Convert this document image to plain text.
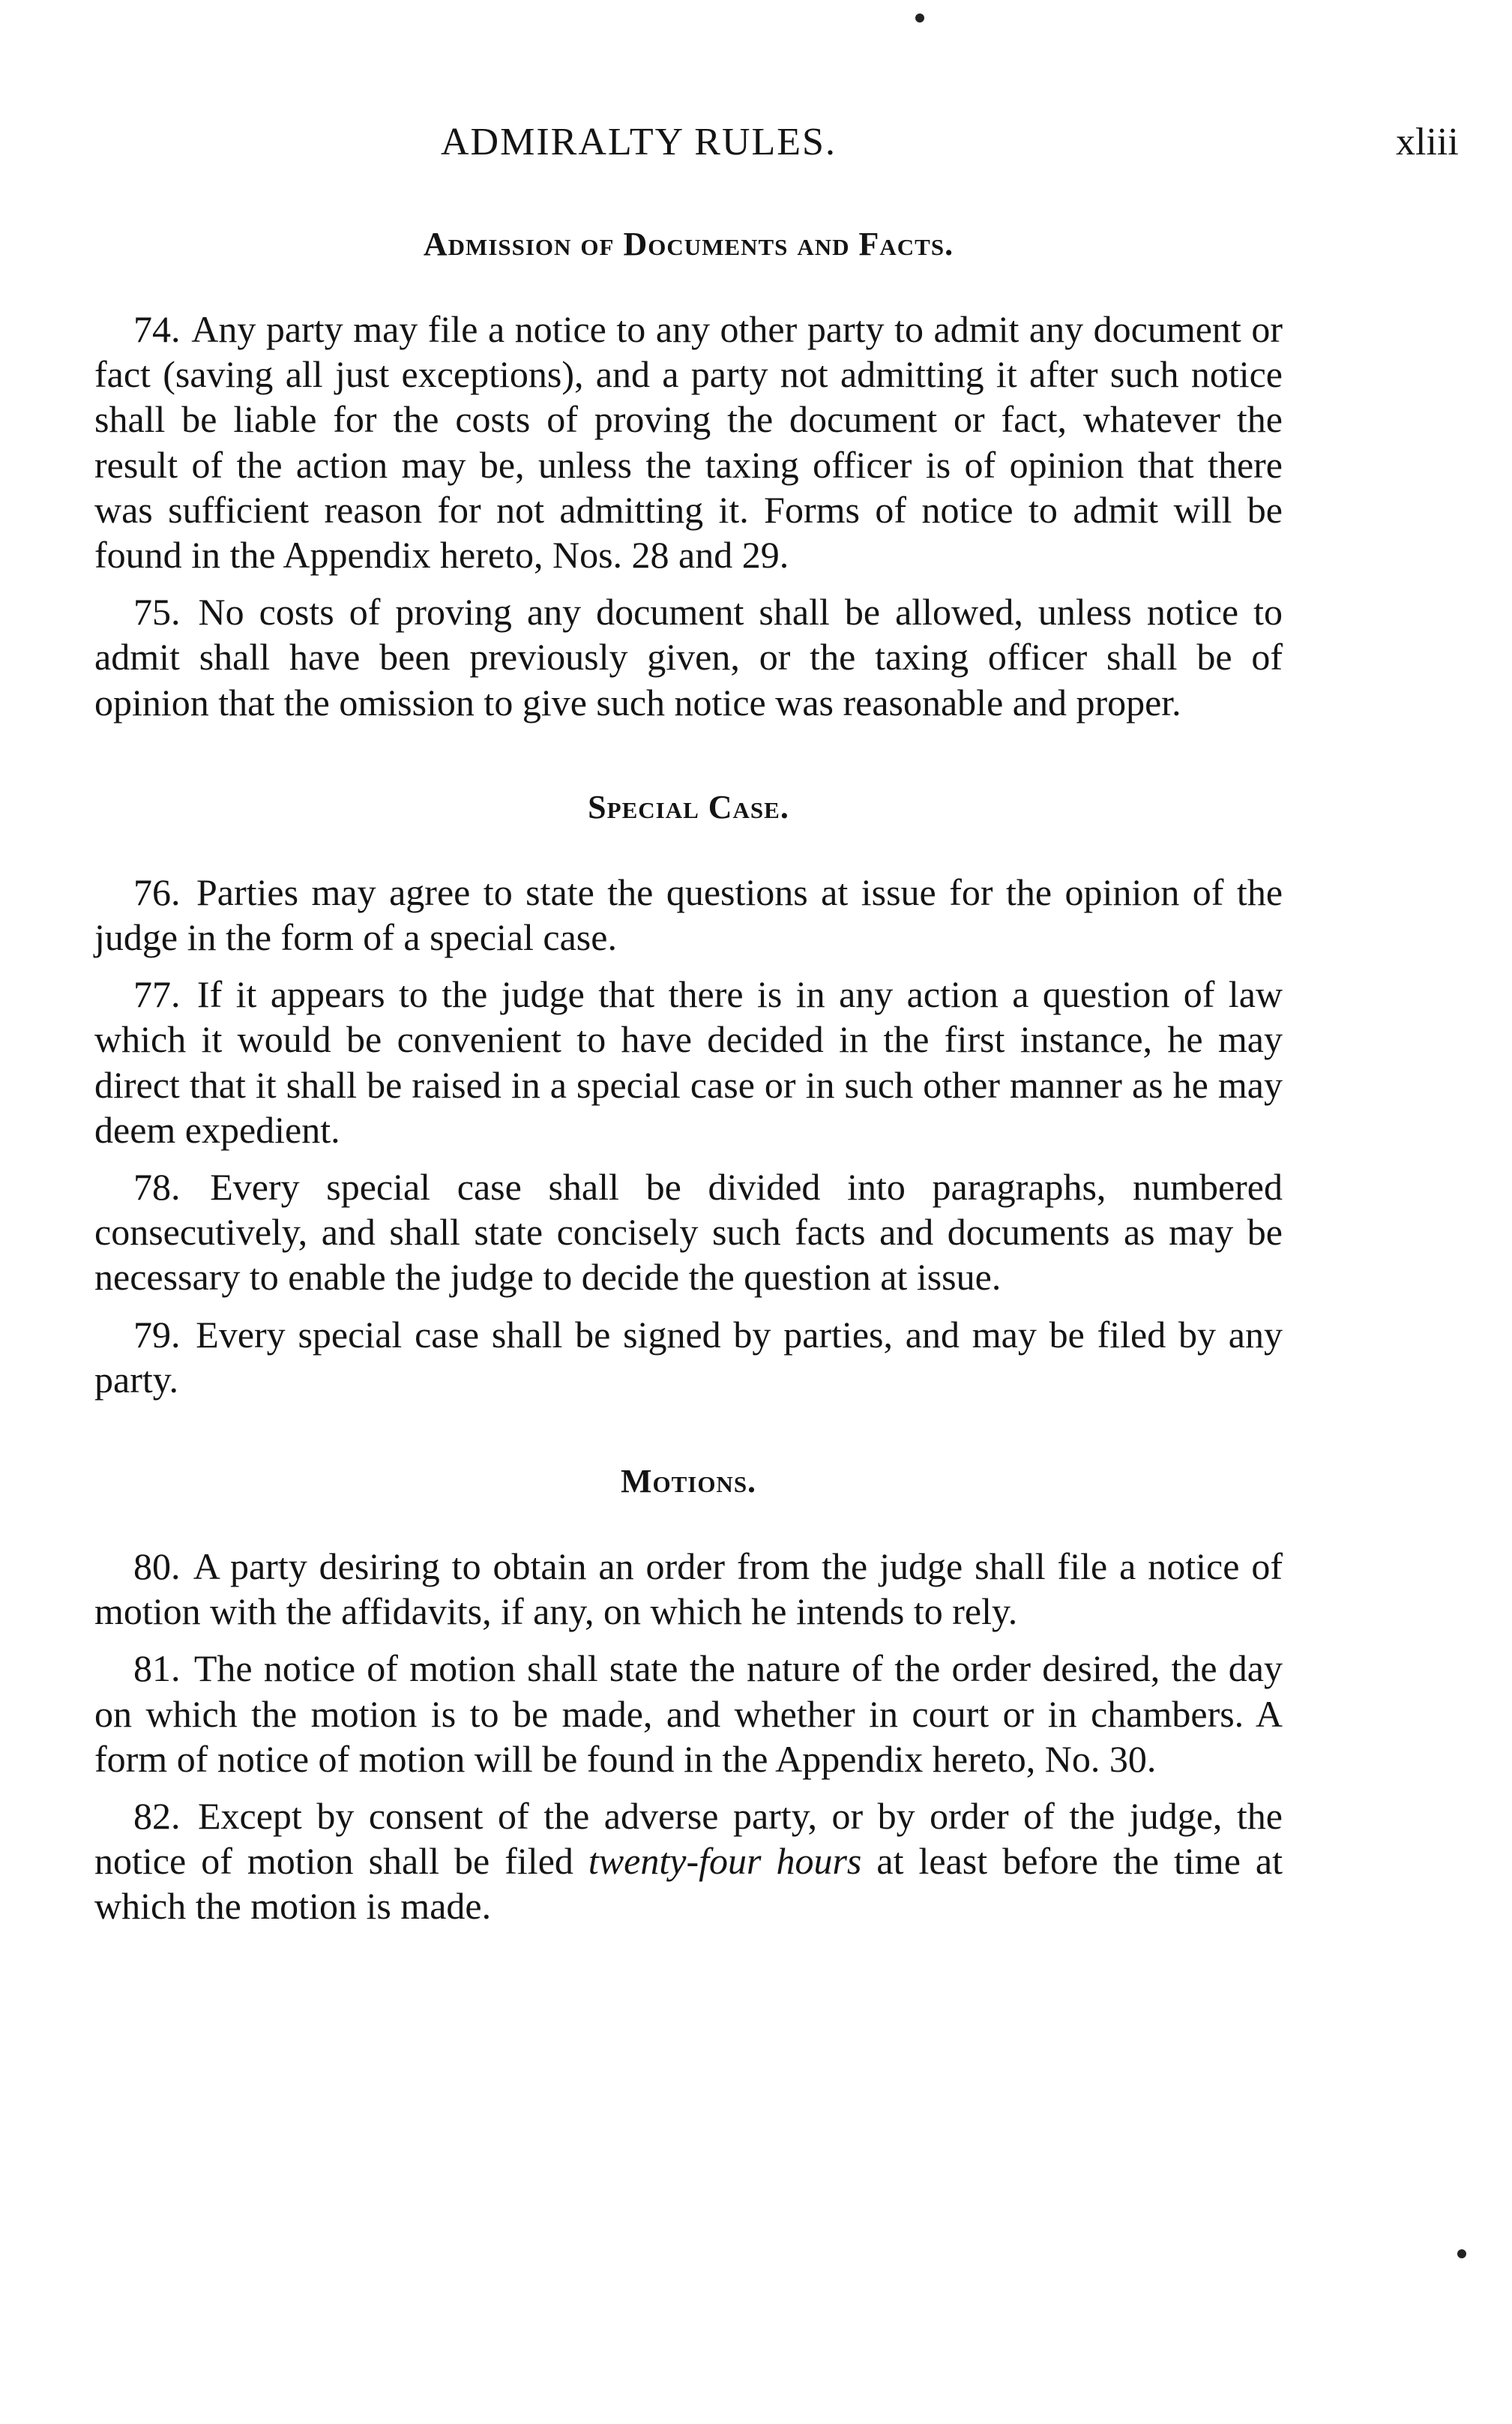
ADMIRALTY RULES.	xliii
Admission of Documents and Facts.

74. Any party may file a notice to any other party to admit any document or fact (saving all just exceptions), and a party not admitting it after such notice shall be liable for the costs of proving the document or fact, whatever the result of the action may be, unless the taxing officer is of opinion that there was sufficient reason for not admitting it. Forms of notice to admit will be found in the Appendix hereto, Nos. 28 and 29.

75. No costs of proving any document shall be allowed, unless notice to admit shall have been previously given, or the taxing officer shall be of opinion that the omission to give such notice was reasonable and proper.

Special Case.

76. Parties may agree to state the questions at issue for the opinion of the judge in the form of a special case.

77. If it appears to the judge that there is in any action a question of law which it would be convenient to have decided in the first instance, he may direct that it shall be raised in a special case or in such other manner as he may deem expedient.

78. Every special case shall be divided into paragraphs, numbered consecutively, and shall state concisely such facts and documents as may be necessary to enable the judge to decide the question at issue.

79. Every special case shall be signed by parties, and may be filed by any party.

Motions.

80. A party desiring to obtain an order from the judge shall file a notice of motion with the affidavits, if any, on which he intends to rely.

81. The notice of motion shall state the nature of the order desired, the day on which the motion is to be made, and whether in court or in chambers. A form of notice of motion will be found in the Appendix hereto, No. 30.

82. Except by consent of the adverse party, or by order of the judge, the notice of motion shall be filed twenty-four hours at least before the time at which the motion is made.
